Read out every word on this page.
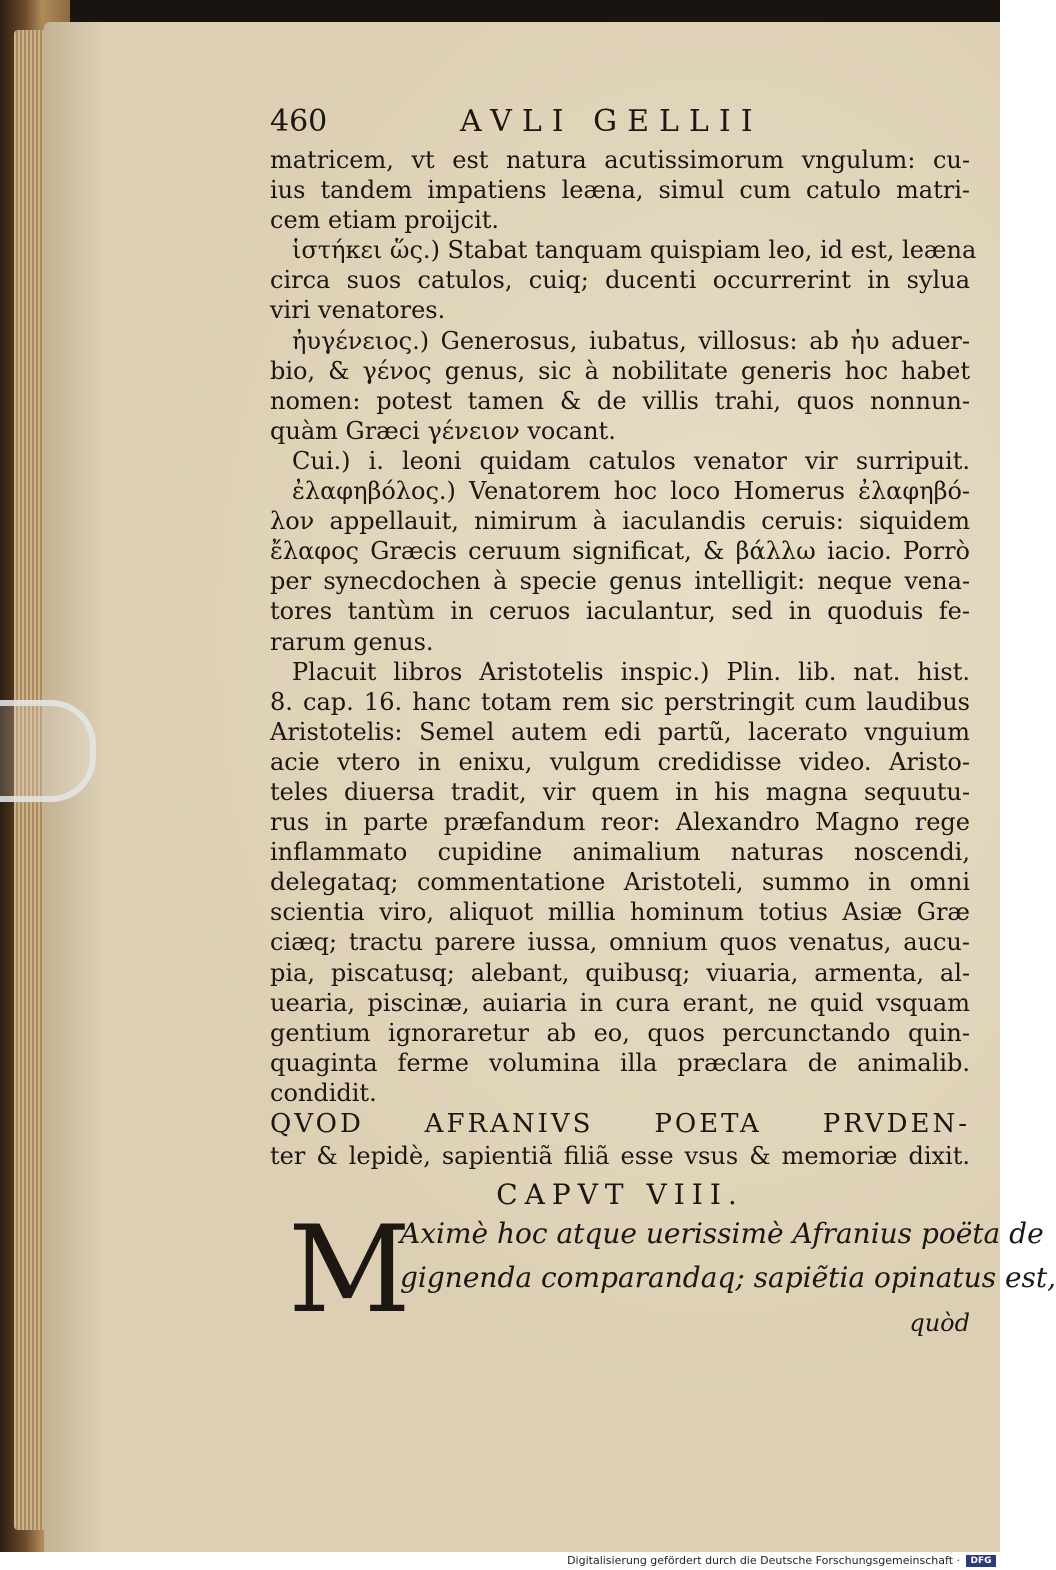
460	AVLI GELLII
matricem, vt est natura acutissimorum vngulum: cu-
ius tandem impatiens leæna, simul cum catulo matri-
cem etiam proijcit.
ἱστήκει ὥς.) Stabat tanquam quispiam leo, id est, leæna
circa suos catulos, cuiq; ducenti occurrerint in sylua
viri venatores.
ἠυγένειος.) Generosus, iubatus, villosus: ab ἠυ aduer-
bio, & γένος genus, sic à nobilitate generis hoc habet
nomen: potest tamen & de villis trahi, quos nonnun-
quàm Græci γένειον vocant.
Cui.) i. leoni quidam catulos venator vir surripuit.
ἐλαφηβόλος.) Venatorem hoc loco Homerus ἐλαφηβό-
λον appellauit, nimirum à iaculandis ceruis: siquidem
ἔλαφος Græcis ceruum significat, & βάλλω iacio. Porrò
per synecdochen à specie genus intelligit: neque vena-
tores tantùm in ceruos iaculantur, sed in quoduis fe-
rarum genus.
Placuit libros Aristotelis inspic.) Plin. lib. nat. hist.
8. cap. 16. hanc totam rem sic perstringit cum laudibus
Aristotelis: Semel autem edi partũ, lacerato vnguium
acie vtero in enixu, vulgum credidisse video. Aristo-
teles diuersa tradit, vir quem in his magna sequutu-
rus in parte præfandum reor: Alexandro Magno rege
inflammato cupidine animalium naturas noscendi,
delegataq; commentatione Aristoteli, summo in omni
scientia viro, aliquot millia hominum totius Asiæ Græ
ciæq; tractu parere iussa, omnium quos venatus, aucu-
pia, piscatusq; alebant, quibusq; viuaria, armenta, al-
uearia, piscinæ, auiaria in cura erant, ne quid vsquam
gentium ignoraretur ab eo, quos percunctando quin-
quaginta ferme volumina illa præclara de animalib.
condidit.
QVOD AFRANIVS POETA PRVDEN-
ter & lepidè, sapientiã filiã esse vsus & memoriæ dixit.
CAPVT VIII.
M
Aximè hoc atque uerissimè Afranius poëta de
gignenda comparandaq; sapiẽtia opinatus est,
quòd
Digitalisierung gefördert durch die Deutsche Forschungsgemeinschaft ·	DFG
